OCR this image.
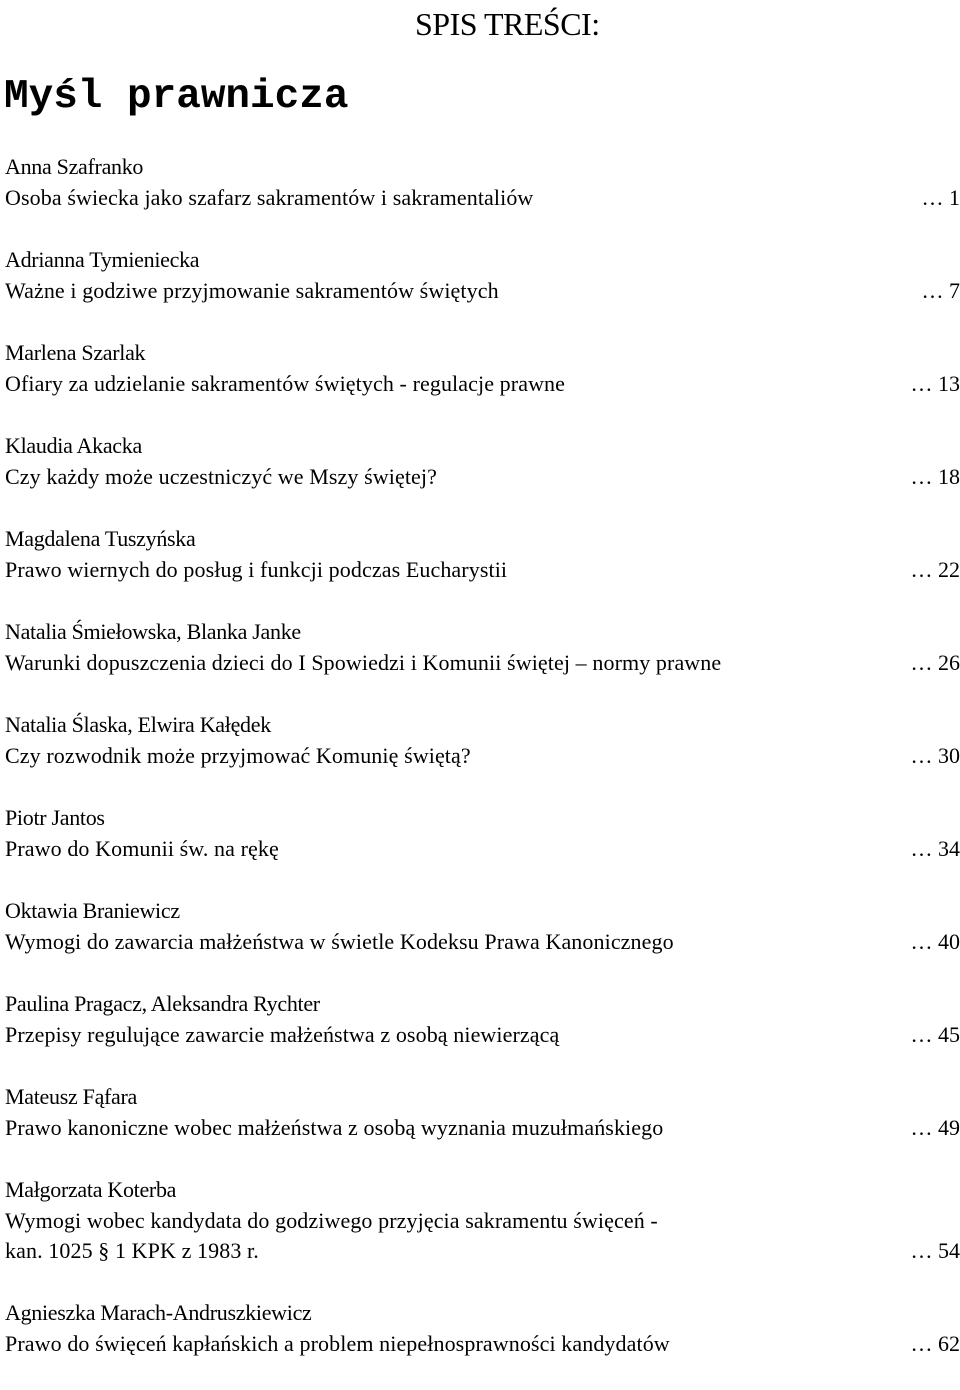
SPIS TREŚCI:
Myśl prawnicza
Anna Szafranko
Osoba świecka jako szafarz sakramentów i sakramentaliów	… 1
Adrianna Tymieniecka
Ważne i godziwe przyjmowanie sakramentów świętych	… 7
Marlena Szarlak
Ofiary za udzielanie sakramentów świętych - regulacje prawne	… 13
Klaudia Akacka
Czy każdy może uczestniczyć we Mszy świętej?	… 18
Magdalena Tuszyńska
Prawo wiernych do posług i funkcji podczas Eucharystii	… 22
Natalia Śmiełowska, Blanka Janke
Warunki dopuszczenia dzieci do I Spowiedzi i Komunii świętej – normy prawne	… 26
Natalia Ślaska, Elwira Kałędek
Czy rozwodnik może przyjmować Komunię świętą?	… 30
Piotr Jantos
Prawo do Komunii św. na rękę	… 34
Oktawia Braniewicz
Wymogi do zawarcia małżeństwa w świetle Kodeksu Prawa Kanonicznego	… 40
Paulina Pragacz, Aleksandra Rychter
Przepisy regulujące zawarcie małżeństwa z osobą niewierzącą	… 45
Mateusz Fąfara
Prawo kanoniczne wobec małżeństwa z osobą wyznania muzułmańskiego	… 49
Małgorzata Koterba
Wymogi wobec kandydata do godziwego przyjęcia sakramentu święceń -
kan. 1025 § 1 KPK z 1983 r.	… 54
Agnieszka Marach-Andruszkiewicz
Prawo do święceń kapłańskich a problem niepełnosprawności kandydatów	… 62
